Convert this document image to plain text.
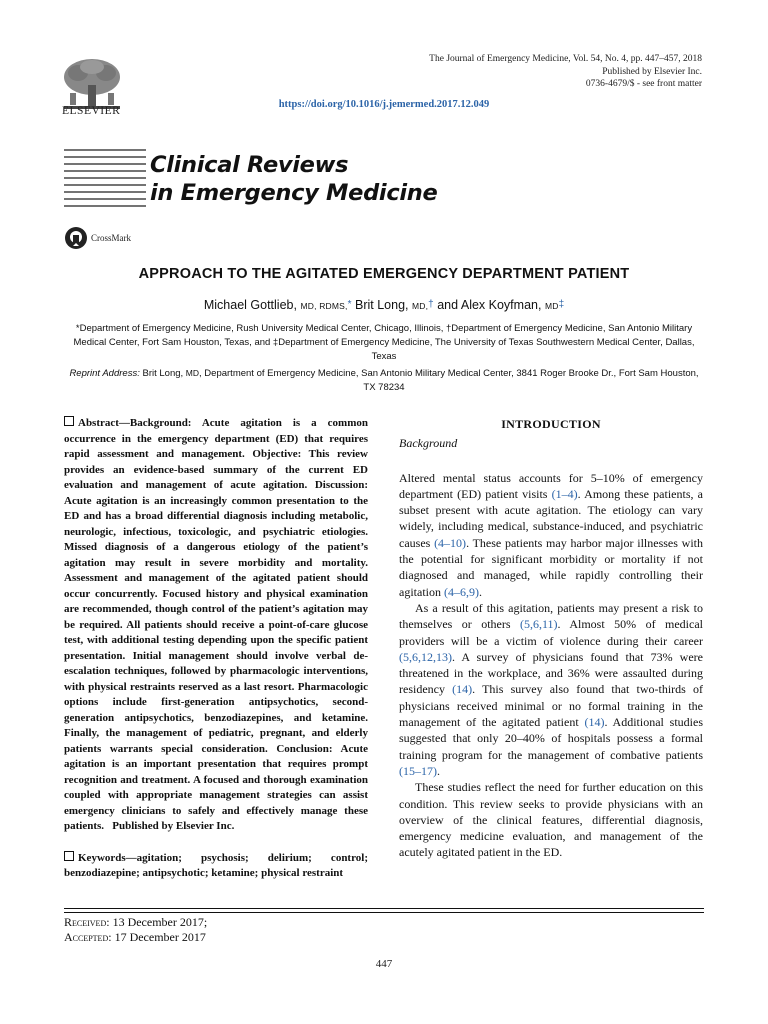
ELSEVIER
The Journal of Emergency Medicine, Vol. 54, No. 4, pp. 447–457, 2018
Published by Elsevier Inc.
0736-4679/$ - see front matter
https://doi.org/10.1016/j.jemermed.2017.12.049
Clinical Reviews
in Emergency Medicine
CrossMark
APPROACH TO THE AGITATED EMERGENCY DEPARTMENT PATIENT
Michael Gottlieb, MD, RDMS,* Brit Long, MD,† and Alex Koyfman, MD‡
*Department of Emergency Medicine, Rush University Medical Center, Chicago, Illinois, †Department of Emergency Medicine, San Antonio Military Medical Center, Fort Sam Houston, Texas, and ‡Department of Emergency Medicine, The University of Texas Southwestern Medical Center, Dallas, Texas
Reprint Address: Brit Long, MD, Department of Emergency Medicine, San Antonio Military Medical Center, 3841 Roger Brooke Dr., Fort Sam Houston, TX 78234

Abstract—Background: Acute agitation is a common occurrence in the emergency department (ED) that requires rapid assessment and management. Objective: This review provides an evidence-based summary of the current ED evaluation and management of acute agitation. Discussion: Acute agitation is an increasingly common presentation to the ED and has a broad differential diagnosis including metabolic, neurologic, infectious, toxicologic, and psychiatric etiologies. Missed diagnosis of a dangerous etiology of the patient’s agitation may result in severe morbidity and mortality. Assessment and management of the agitated patient should occur concurrently. Focused history and physical examination are recommended, though control of the patient’s agitation may be required. All patients should receive a point-of-care glucose test, with additional testing depending upon the specific patient presentation. Initial management should involve verbal de-escalation techniques, followed by pharmacologic interventions, with physical restraints reserved as a last resort. Pharmacologic options include first-generation antipsychotics, second-generation antipsychotics, benzodiazepines, and ketamine. Finally, the management of pediatric, pregnant, and elderly patients warrants special consideration. Conclusion: Acute agitation is an important presentation that requires prompt recognition and treatment. A focused and thorough examination coupled with appropriate management strategies can assist emergency clinicians to safely and effectively manage these patients. Published by Elsevier Inc.

Keywords—agitation; psychosis; delirium; control; benzodiazepine; antipsychotic; ketamine; physical restraint

INTRODUCTION

Background

Altered mental status accounts for 5–10% of emergency department (ED) patient visits (1–4). Among these patients, a subset present with acute agitation. The etiology can vary widely, including medical, substance-induced, and psychiatric causes (4–10). These patients may harbor major illnesses with the potential for significant morbidity or mortality if not diagnosed and managed, while rapidly controlling their agitation (4–6,9).

As a result of this agitation, patients may present a risk to themselves or others (5,6,11). Almost 50% of medical providers will be a victim of violence during their career (5,6,12,13). A survey of physicians found that 73% were threatened in the workplace, and 36% were assaulted during residency (14). This survey also found that two-thirds of physicians received minimal or no formal training in the management of the agitated patient (14). Additional studies suggested that only 20–40% of hospitals possess a formal training program for the management of combative patients (15–17).

These studies reflect the need for further education on this condition. This review seeks to provide physicians with an overview of the clinical features, differential diagnosis, emergency medicine evaluation, and management of the acutely agitated patient in the ED.

Received: 13 December 2017;
Accepted: 17 December 2017
447
